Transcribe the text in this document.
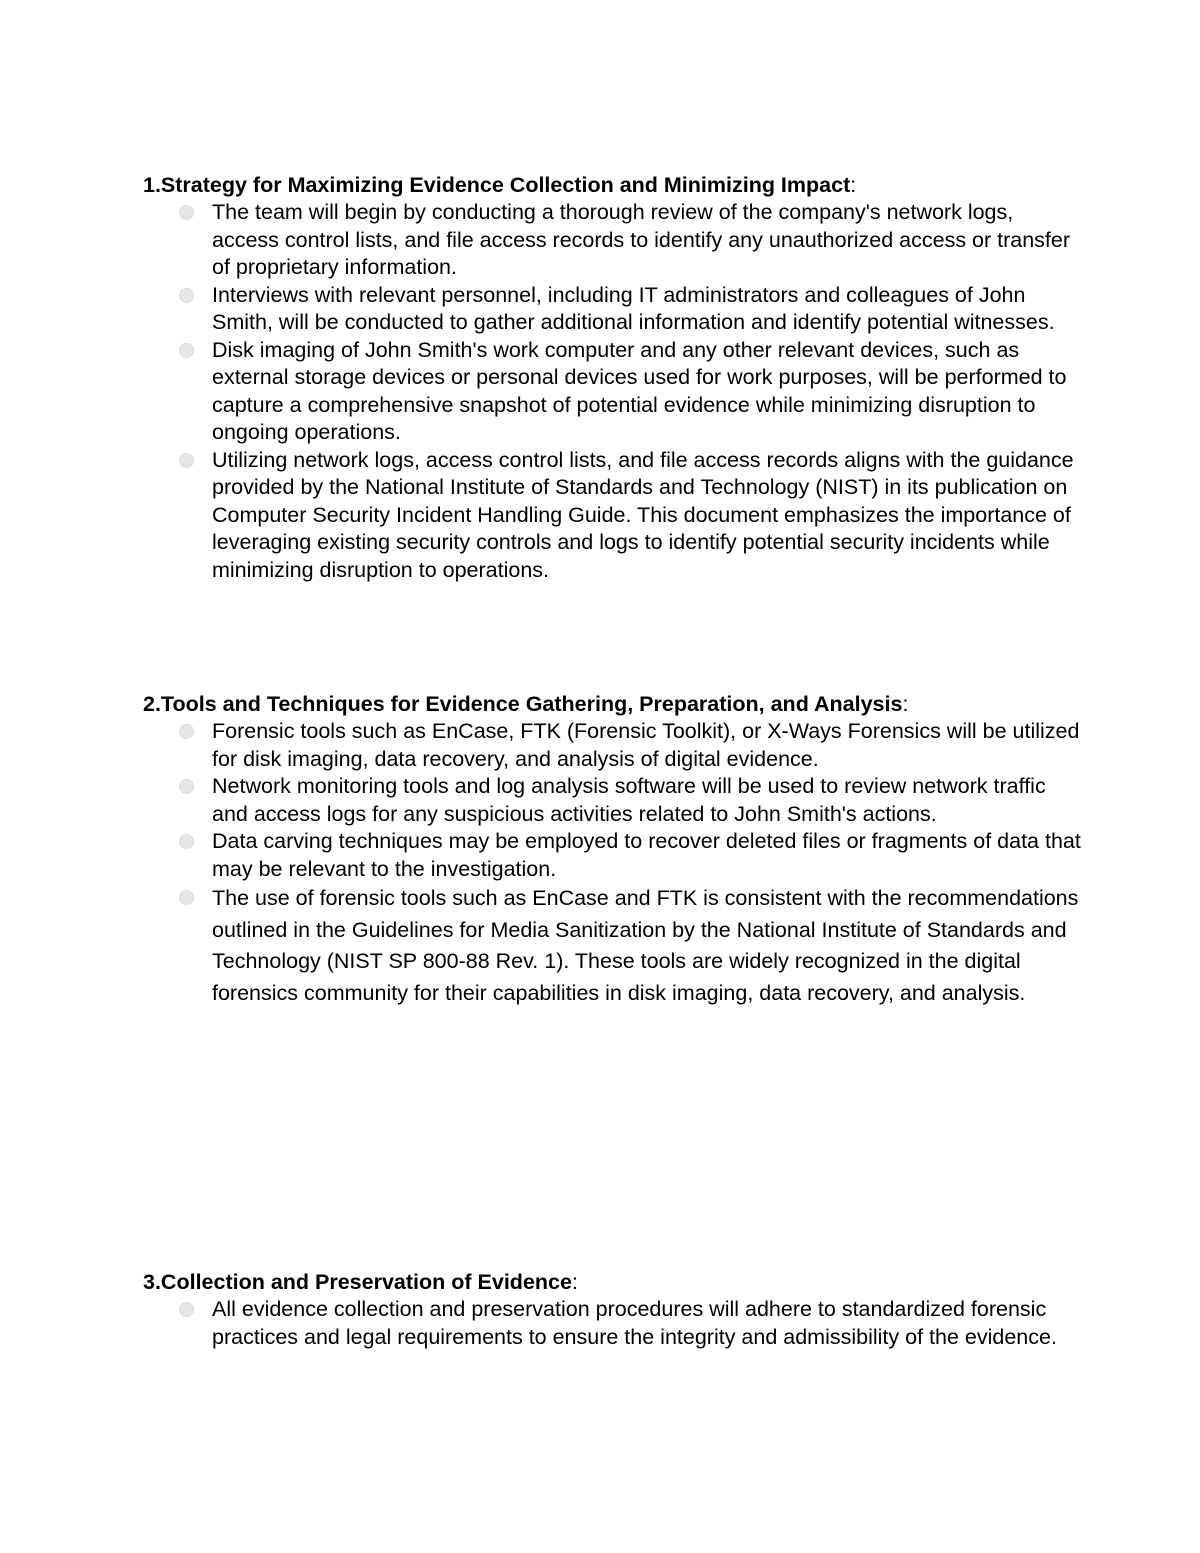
1.Strategy for Maximizing Evidence Collection and Minimizing Impact:

The team will begin by conducting a thorough review of the company's network logs, access control lists, and file access records to identify any unauthorized access or transfer of proprietary information.
Interviews with relevant personnel, including IT administrators and colleagues of John Smith, will be conducted to gather additional information and identify potential witnesses.
Disk imaging of John Smith's work computer and any other relevant devices, such as external storage devices or personal devices used for work purposes, will be performed to capture a comprehensive snapshot of potential evidence while minimizing disruption to ongoing operations.
Utilizing network logs, access control lists, and file access records aligns with the guidance provided by the National Institute of Standards and Technology (NIST) in its publication on Computer Security Incident Handling Guide. This document emphasizes the importance of leveraging existing security controls and logs to identify potential security incidents while minimizing disruption to operations.

2.Tools and Techniques for Evidence Gathering, Preparation, and Analysis:

Forensic tools such as EnCase, FTK (Forensic Toolkit), or X-Ways Forensics will be utilized for disk imaging, data recovery, and analysis of digital evidence.
Network monitoring tools and log analysis software will be used to review network traffic and access logs for any suspicious activities related to John Smith's actions.
Data carving techniques may be employed to recover deleted files or fragments of data that may be relevant to the investigation.
The use of forensic tools such as EnCase and FTK is consistent with the recommendations outlined in the Guidelines for Media Sanitization by the National Institute of Standards and Technology (NIST SP 800-88 Rev. 1). These tools are widely recognized in the digital forensics community for their capabilities in disk imaging, data recovery, and analysis.

3.Collection and Preservation of Evidence:

All evidence collection and preservation procedures will adhere to standardized forensic practices and legal requirements to ensure the integrity and admissibility of the evidence.
